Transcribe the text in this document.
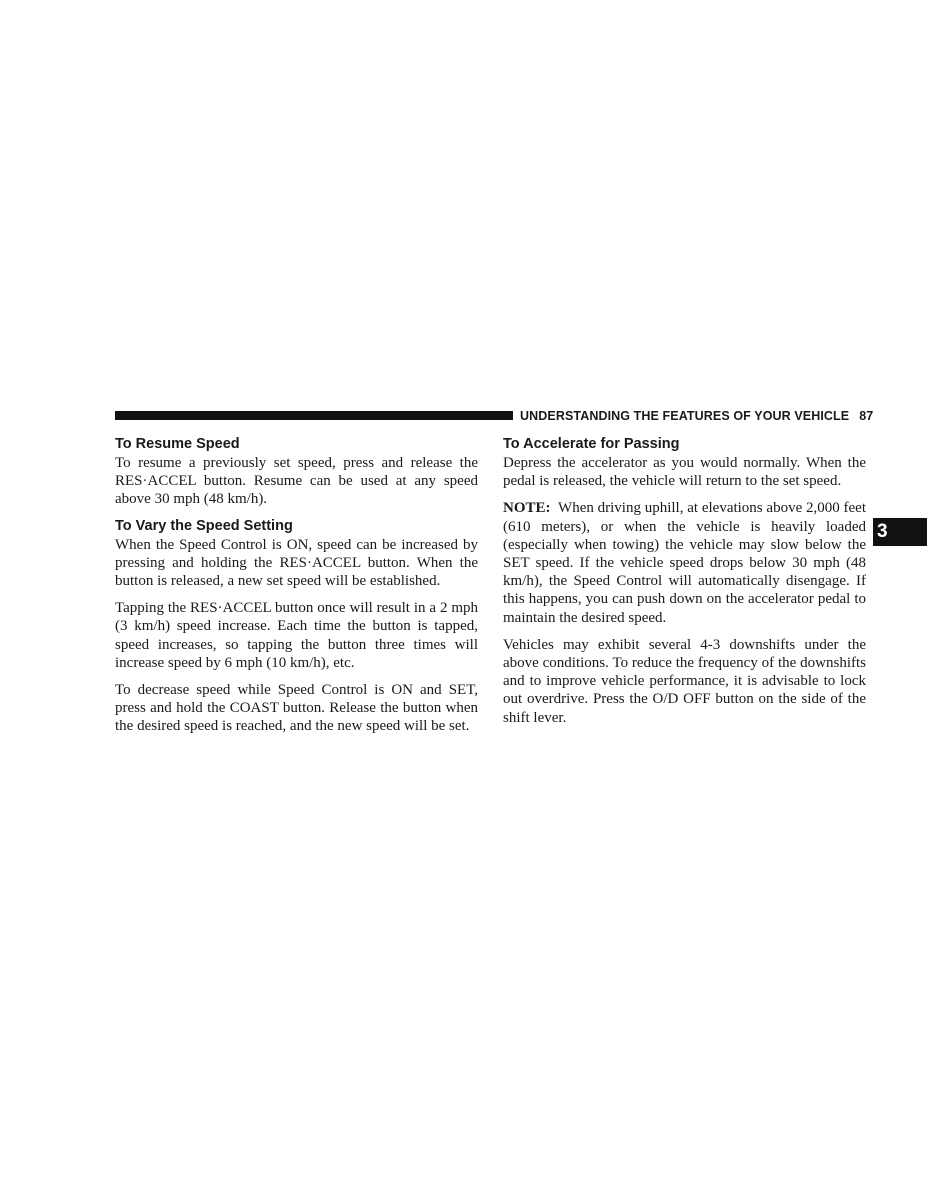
UNDERSTANDING THE FEATURES OF YOUR VEHICLE 87
3
To Resume Speed

To resume a previously set speed, press and release the RES·ACCEL button. Resume can be used at any speed above 30 mph (48 km/h).

To Vary the Speed Setting

When the Speed Control is ON, speed can be increased by pressing and holding the RES·ACCEL button. When the button is released, a new set speed will be established.

Tapping the RES·ACCEL button once will result in a 2 mph (3 km/h) speed increase. Each time the button is tapped, speed increases, so tapping the button three times will increase speed by 6 mph (10 km/h), etc.

To decrease speed while Speed Control is ON and SET, press and hold the COAST button. Release the button when the desired speed is reached, and the new speed will be set.

To Accelerate for Passing

Depress the accelerator as you would normally. When the pedal is released, the vehicle will return to the set speed.

NOTE: When driving uphill, at elevations above 2,000 feet (610 meters), or when the vehicle is heavily loaded (especially when towing) the vehicle may slow below the SET speed. If the vehicle speed drops below 30 mph (48 km/h), the Speed Control will automatically disengage. If this happens, you can push down on the accelerator pedal to maintain the desired speed.

Vehicles may exhibit several 4-3 downshifts under the above conditions. To reduce the frequency of the downshifts and to improve vehicle performance, it is advisable to lock out overdrive. Press the O/D OFF button on the side of the shift lever.
